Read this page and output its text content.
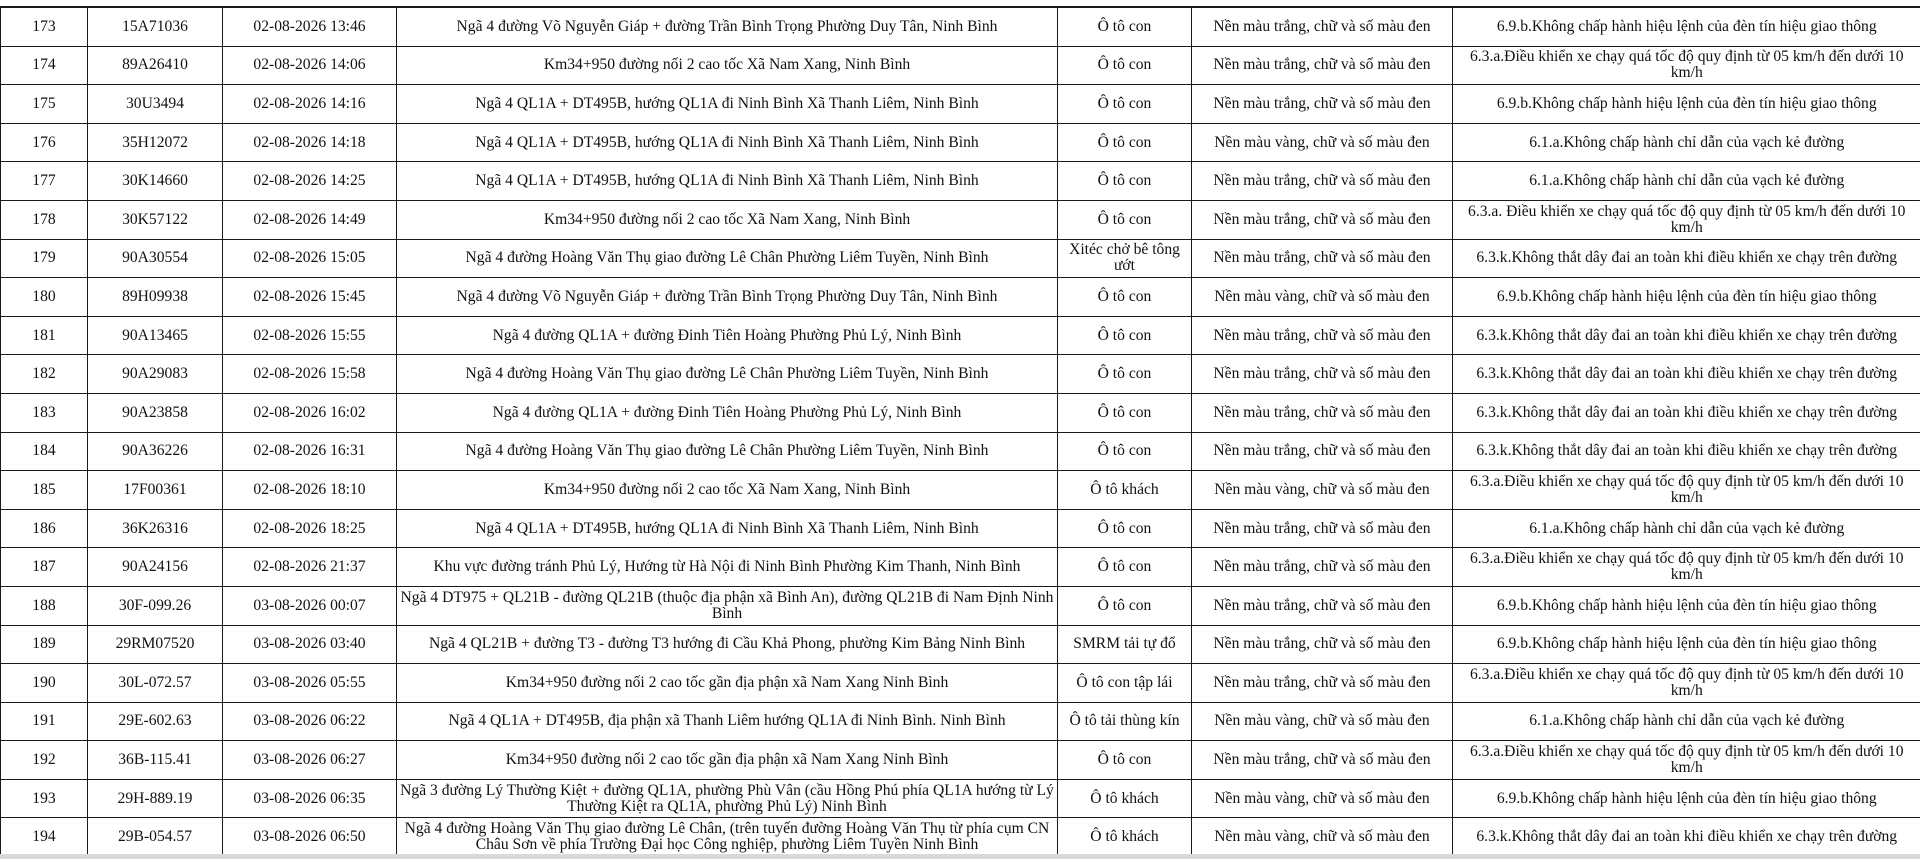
173	15A71036	02-08-2026 13:46	Ngã 4 đường Võ Nguyễn Giáp + đường Trần Bình Trọng Phường Duy Tân, Ninh Bình	Ô tô con	Nền màu trắng, chữ và số màu đen	6.9.b.Không chấp hành hiệu lệnh của đèn tín hiệu giao thông
174	89A26410	02-08-2026 14:06	Km34+950 đường nối 2 cao tốc Xã Nam Xang, Ninh Bình	Ô tô con	Nền màu trắng, chữ và số màu đen	6.3.a.Điều khiển xe chạy quá tốc độ quy định từ 05 km/h đến dưới 10 km/h
175	30U3494	02-08-2026 14:16	Ngã 4 QL1A + DT495B, hướng QL1A đi Ninh Bình Xã Thanh Liêm, Ninh Bình	Ô tô con	Nền màu trắng, chữ và số màu đen	6.9.b.Không chấp hành hiệu lệnh của đèn tín hiệu giao thông
176	35H12072	02-08-2026 14:18	Ngã 4 QL1A + DT495B, hướng QL1A đi Ninh Bình Xã Thanh Liêm, Ninh Bình	Ô tô con	Nền màu vàng, chữ và số màu đen	6.1.a.Không chấp hành chỉ dẫn của vạch kẻ đường
177	30K14660	02-08-2026 14:25	Ngã 4 QL1A + DT495B, hướng QL1A đi Ninh Bình Xã Thanh Liêm, Ninh Bình	Ô tô con	Nền màu trắng, chữ và số màu đen	6.1.a.Không chấp hành chỉ dẫn của vạch kẻ đường
178	30K57122	02-08-2026 14:49	Km34+950 đường nối 2 cao tốc Xã Nam Xang, Ninh Bình	Ô tô con	Nền màu trắng, chữ và số màu đen	6.3.a. Điều khiển xe chạy quá tốc độ quy định từ 05 km/h đến dưới 10 km/h
179	90A30554	02-08-2026 15:05	Ngã 4 đường Hoàng Văn Thụ giao đường Lê Chân Phường Liêm Tuyền, Ninh Bình	Xitéc chở bê tông ướt	Nền màu trắng, chữ và số màu đen	6.3.k.Không thắt dây đai an toàn khi điều khiển xe chạy trên đường
180	89H09938	02-08-2026 15:45	Ngã 4 đường Võ Nguyễn Giáp + đường Trần Bình Trọng Phường Duy Tân, Ninh Bình	Ô tô con	Nền màu vàng, chữ và số màu đen	6.9.b.Không chấp hành hiệu lệnh của đèn tín hiệu giao thông
181	90A13465	02-08-2026 15:55	Ngã 4 đường QL1A + đường Đinh Tiên Hoàng Phường Phủ Lý, Ninh Bình	Ô tô con	Nền màu trắng, chữ và số màu đen	6.3.k.Không thắt dây đai an toàn khi điều khiển xe chạy trên đường
182	90A29083	02-08-2026 15:58	Ngã 4 đường Hoàng Văn Thụ giao đường Lê Chân Phường Liêm Tuyền, Ninh Bình	Ô tô con	Nền màu trắng, chữ và số màu đen	6.3.k.Không thắt dây đai an toàn khi điều khiển xe chạy trên đường
183	90A23858	02-08-2026 16:02	Ngã 4 đường QL1A + đường Đinh Tiên Hoàng Phường Phủ Lý, Ninh Bình	Ô tô con	Nền màu trắng, chữ và số màu đen	6.3.k.Không thắt dây đai an toàn khi điều khiển xe chạy trên đường
184	90A36226	02-08-2026 16:31	Ngã 4 đường Hoàng Văn Thụ giao đường Lê Chân Phường Liêm Tuyền, Ninh Bình	Ô tô con	Nền màu trắng, chữ và số màu đen	6.3.k.Không thắt dây đai an toàn khi điều khiển xe chạy trên đường
185	17F00361	02-08-2026 18:10	Km34+950 đường nối 2 cao tốc Xã Nam Xang, Ninh Bình	Ô tô khách	Nền màu vàng, chữ và số màu đen	6.3.a.Điều khiển xe chạy quá tốc độ quy định từ 05 km/h đến dưới 10 km/h
186	36K26316	02-08-2026 18:25	Ngã 4 QL1A + DT495B, hướng QL1A đi Ninh Bình Xã Thanh Liêm, Ninh Bình	Ô tô con	Nền màu trắng, chữ và số màu đen	6.1.a.Không chấp hành chỉ dẫn của vạch kẻ đường
187	90A24156	02-08-2026 21:37	Khu vực đường tránh Phủ Lý, Hướng từ Hà Nội đi Ninh Bình Phường Kim Thanh, Ninh Bình	Ô tô con	Nền màu trắng, chữ và số màu đen	6.3.a.Điều khiển xe chạy quá tốc độ quy định từ 05 km/h đến dưới 10 km/h
188	30F-099.26	03-08-2026 00:07	Ngã 4 DT975 + QL21B - đường QL21B (thuộc địa phận xã Bình An), đường QL21B đi Nam Định Ninh Bình	Ô tô con	Nền màu trắng, chữ và số màu đen	6.9.b.Không chấp hành hiệu lệnh của đèn tín hiệu giao thông
189	29RM07520	03-08-2026 03:40	Ngã 4 QL21B + đường T3 - đường T3 hướng đi Cầu Khả Phong, phường Kim Bảng Ninh Bình	SMRM tải tự đổ	Nền màu trắng, chữ và số màu đen	6.9.b.Không chấp hành hiệu lệnh của đèn tín hiệu giao thông
190	30L-072.57	03-08-2026 05:55	Km34+950 đường nối 2 cao tốc gần địa phận xã Nam Xang Ninh Bình	Ô tô con tập lái	Nền màu trắng, chữ và số màu đen	6.3.a.Điều khiển xe chạy quá tốc độ quy định từ 05 km/h đến dưới 10 km/h
191	29E-602.63	03-08-2026 06:22	Ngã 4 QL1A + DT495B, địa phận xã Thanh Liêm hướng QL1A đi Ninh Bình. Ninh Bình	Ô tô tải thùng kín	Nền màu vàng, chữ và số màu đen	6.1.a.Không chấp hành chỉ dẫn của vạch kẻ đường
192	36B-115.41	03-08-2026 06:27	Km34+950 đường nối 2 cao tốc gần địa phận xã Nam Xang Ninh Bình	Ô tô con	Nền màu trắng, chữ và số màu đen	6.3.a.Điều khiển xe chạy quá tốc độ quy định từ 05 km/h đến dưới 10 km/h
193	29H-889.19	03-08-2026 06:35	Ngã 3 đường Lý Thường Kiệt + đường QL1A, phường Phù Vân (cầu Hồng Phú phía QL1A hướng từ Lý Thường Kiệt ra QL1A, phường Phủ Lý) Ninh Bình	Ô tô khách	Nền màu vàng, chữ và số màu đen	6.9.b.Không chấp hành hiệu lệnh của đèn tín hiệu giao thông
194	29B-054.57	03-08-2026 06:50	Ngã 4 đường Hoàng Văn Thụ giao đường Lê Chân, (trên tuyến đường Hoàng Văn Thụ từ phía cụm CN Châu Sơn về phía Trường Đại học Công nghiệp, phường Liêm Tuyền Ninh Bình	Ô tô khách	Nền màu vàng, chữ và số màu đen	6.3.k.Không thắt dây đai an toàn khi điều khiển xe chạy trên đường
